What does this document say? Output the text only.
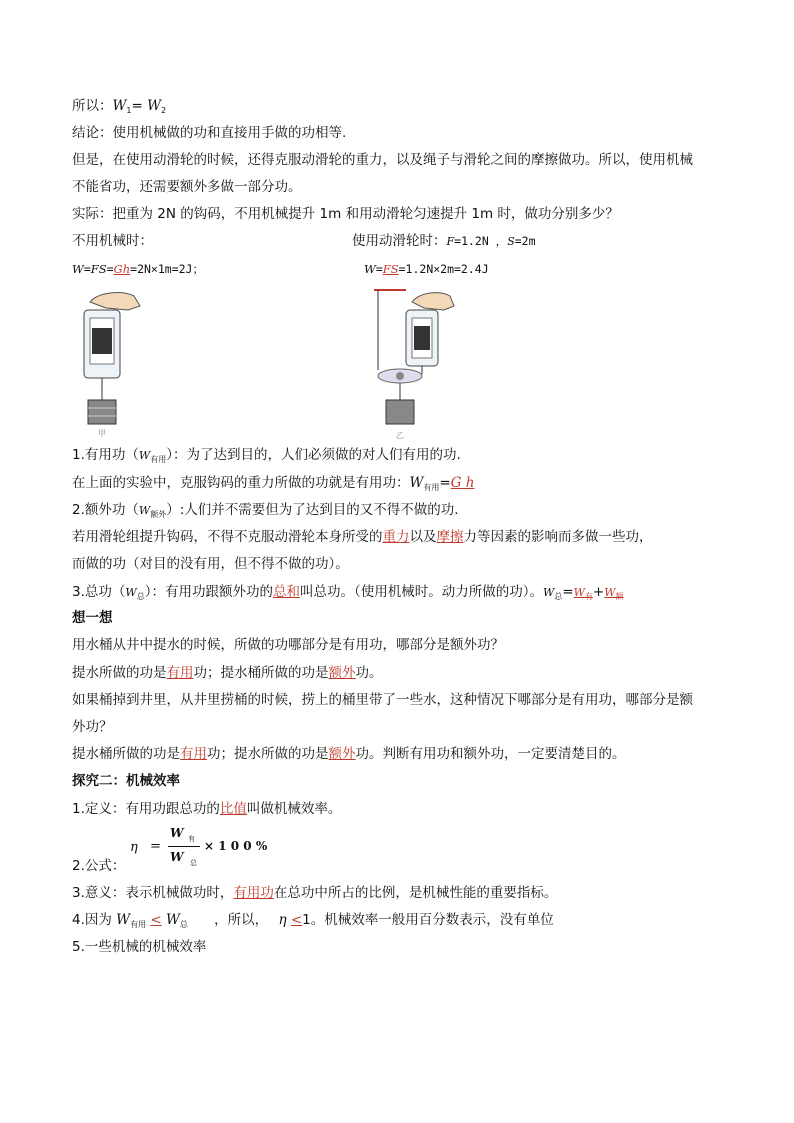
所以：$W_1= W_2$
结论：使用机械做的功和直接用手做的功相等.
但是，在使用动滑轮的时候，还得克服动滑轮的重力，以及绳子与滑轮之间的摩擦做功。所以，使用机械
不能省功，还需要额外多做一部分功。
实际：把重为 2N 的钩码，不用机械提升 1m 和用动滑轮匀速提升 1m 时，做功分别多少？
不用机械时：	使用动滑轮时：F=1.2N ，S=2m
W=FS=Gh=2N×1m=2J；	W=FS=1.2N×2m=2.4J
甲	乙
1.有用功$(W_{有用})$：为了达到目的，人们必须做的对人们有用的功.
在上面的实验中，克服钩码的重力所做的功就是有用功：$W_{有用}=G$ h
2.额外功$(W_{额外})$:人们并不需要但为了达到目的又不得不做的功.
若用滑轮组提升钩码，不得不克服动滑轮本身所受的重力以及摩擦力等因素的影响而多做一些功，
而做的功（对目的没有用，但不得不做的功）。
3.总功$(W_总)$：有用功跟额外功的总和叫总功。（使用机械时。动力所做的功）。$W_总=W_有+W_额$
想一想
用水桶从井中提水的时候，所做的功哪部分是有用功，哪部分是额外功？
提水所做的功是有用功；提水桶所做的功是额外功。
如果桶掉到井里，从井里捞桶的时候，捞上的桶里带了一些水，这种情况下哪部分是有用功，哪部分是额
外功？
提水桶所做的功是有用功；提水所做的功是额外功。判断有用功和额外功，一定要清楚目的。
探究二：机械效率
1.定义：有用功跟总功的比值叫做机械效率。
η =
W 有
W 总
× 1 0 0 %
2.公式：
3.意义：表示机械做功时，有用功在总功中所占的比例，是机械性能的重要指标。
4.因为 $W_{有用} < W_总$ ，所以， η <1。机械效率一般用百分数表示，没有单位
5.一些机械的机械效率
